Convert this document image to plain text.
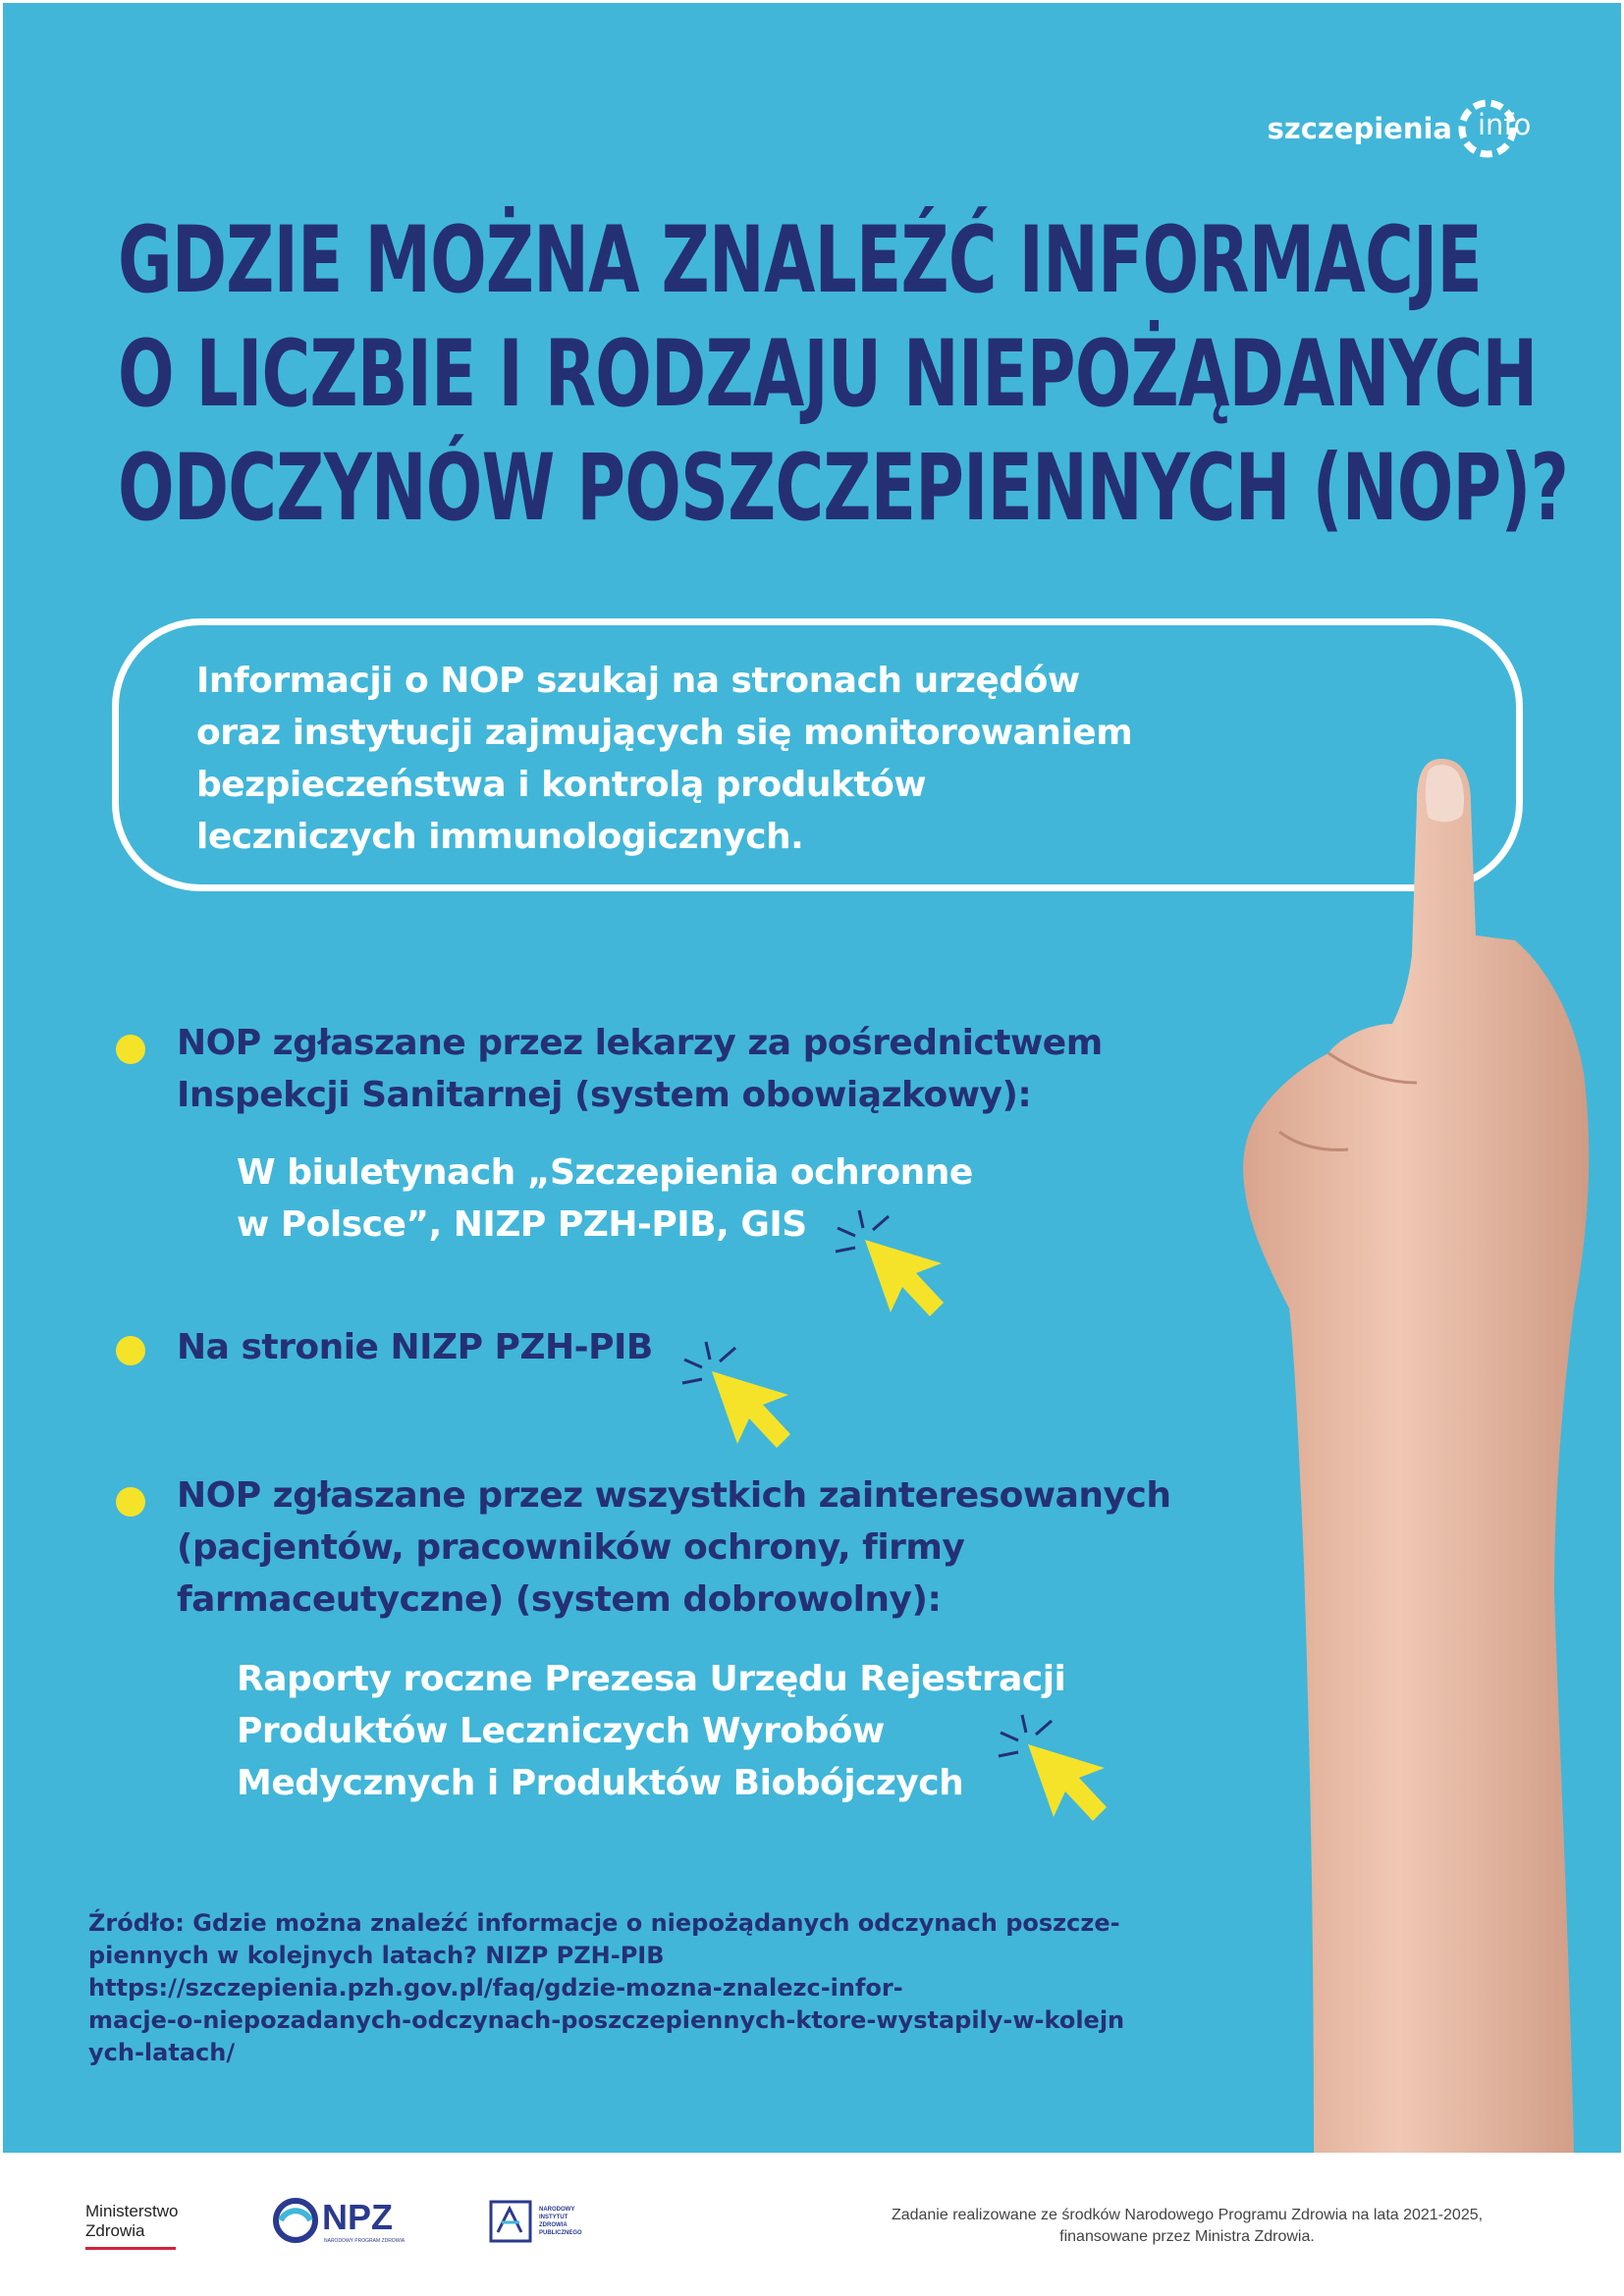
szczepienia info
GDZIE MOŻNA ZNALEŹĆ INFORMACJE
O LICZBIE I RODZAJU NIEPOŻĄDANYCH
ODCZYNÓW POSZCZEPIENNYCH (NOP)?
Informacji o NOP szukaj na stronach urzędów
oraz instytucji zajmujących się monitorowaniem
bezpieczeństwa i kontrolą produktów
leczniczych immunologicznych.
NOP zgłaszane przez lekarzy za pośrednictwem
Inspekcji Sanitarnej (system obowiązkowy):
W biuletynach „Szczepienia ochronne
w Polsce”, NIZP PZH-PIB, GIS
Na stronie NIZP PZH-PIB
NOP zgłaszane przez wszystkich zainteresowanych
(pacjentów, pracowników ochrony, firmy
farmaceutyczne) (system dobrowolny):
Raporty roczne Prezesa Urzędu Rejestracji
Produktów Leczniczych Wyrobów
Medycznych i Produktów Biobójczych
Źródło: Gdzie można znaleźć informacje o niepożądanych odczynach poszcze-
piennych w kolejnych latach? NIZP PZH-PIB
https://szczepienia.pzh.gov.pl/faq/gdzie-mozna-znalezc-infor-
macje-o-niepozadanych-odczynach-poszczepiennych-ktore-wystapily-w-kolejn
ych-latach/
Ministerstwo
Zdrowia	NPZ
NARODOWY PROGRAM ZDROWIA
NARODOWY
INSTYTUT
ZDROWIA
PUBLICZNEGO
Zadanie realizowane ze środków Narodowego Programu Zdrowia na lata 2021-2025,
finansowane przez Ministra Zdrowia.
